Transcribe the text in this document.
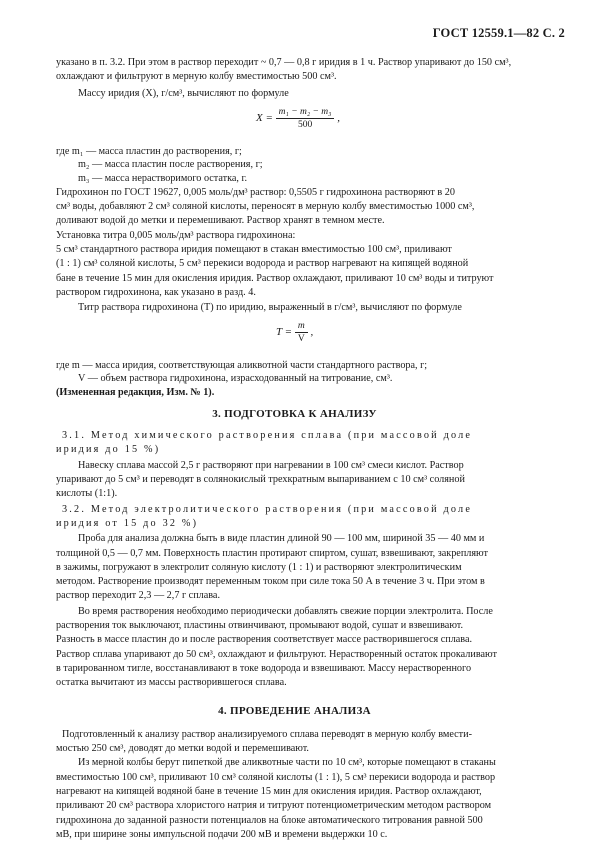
ГОСТ 12559.1—82 С. 2
указано в п. 3.2. При этом в раствор переходит ~ 0,7 — 0,8 г иридия в 1 ч. Раствор упаривают до 150 см³,
охлаждают и фильтруют в мерную колбу вместимостью 500 см³.
Массу иридия (X), г/см³, вычисляют по формуле
$X = \frac{\text{m₁ − m₂ − m₃}}{500}$ ,
где m₁ — масса пластин до растворения, г;
m₂ — масса пластин после растворения, г;
m₃ — масса нерастворимого остатка, г.
Гидрохинон по ГОСТ 19627, 0,005 моль/дм³ раствор: 0,5505 г гидрохинона растворяют в 20
см³ воды, добавляют 2 см³ соляной кислоты, переносят в мерную колбу вместимостью 1000 см³,
доливают водой до метки и перемешивают. Раствор хранят в темном месте.
Установка титра 0,005 моль/дм³ раствора гидрохинона:
5 см³ стандартного раствора иридия помещают в стакан вместимостью 100 см³, приливают
(1 : 1) см³ соляной кислоты, 5 см³ перекиси водорода и раствор нагревают на кипящей водяной
бане в течение 15 мин для окисления иридия. Раствор охлаждают, приливают 10 см³ воды и титруют
раствором гидрохинона, как указано в разд. 4.
Титр раствора гидрохинона (T) по иридию, выраженный в г/см³, вычисляют по формуле
$T = \frac{m}{V}$ ,
где m — масса иридия, соответствующая аликвотной части стандартного раствора, г;
V — объем раствора гидрохинона, израсходованный на титрование, см³.
(Измененная редакция, Изм. № 1).
3. ПОДГОТОВКА К АНАЛИЗУ
3.1. Метод химического растворения сплава (при массовой доле
иридия до 15 %)
Навеску сплава массой 2,5 г растворяют при нагревании в 100 см³ смеси кислот. Раствор
упаривают до 5 см³ и переводят в солянокислый трехкратным выпариванием с 10 см³ соляной
кислоты (1:1).
3.2. Метод электролитического растворения (при массовой доле
иридия от 15 до 32 %)
Проба для анализа должна быть в виде пластин длиной 90 — 100 мм, шириной 35 — 40 мм и
толщиной 0,5 — 0,7 мм. Поверхность пластин протирают спиртом, сушат, взвешивают, закрепляют
в зажимы, погружают в электролит соляную кислоту (1 : 1) и растворяют электролитическим
методом. Растворение производят переменным током при силе тока 50 А в течение 3 ч. При этом в
раствор переходит 2,3 — 2,7 г сплава.
Во время растворения необходимо периодически добавлять свежие порции электролита. После
растворения ток выключают, пластины отвинчивают, промывают водой, сушат и взвешивают.
Разность в массе пластин до и после растворения соответствует массе растворившегося сплава.
Раствор сплава упаривают до 50 см³, охлаждают и фильтруют. Нерастворенный остаток прокаливают
в тарированном тигле, восстанавливают в токе водорода и взвешивают. Массу нерастворенного
остатка вычитают из массы растворившегося сплава.
4. ПРОВЕДЕНИЕ АНАЛИЗА
Подготовленный к анализу раствор анализируемого сплава переводят в мерную колбу вмести-
мостью 250 см³, доводят до метки водой и перемешивают.
Из мерной колбы берут пипеткой две аликвотные части по 10 см³, которые помещают в стаканы
вместимостью 100 см³, приливают 10 см³ соляной кислоты (1 : 1), 5 см³ перекиси водорода и раствор
нагревают на кипящей водяной бане в течение 15 мин для окисления иридия. Раствор охлаждают,
приливают 20 см³ раствора хлористого натрия и титруют потенциометрическим методом раствором
гидрохинона до заданной разности потенциалов на блоке автоматического титрования равной 500
мВ, при ширине зоны импульсной подачи 200 мВ и времени выдержки 10 с.
